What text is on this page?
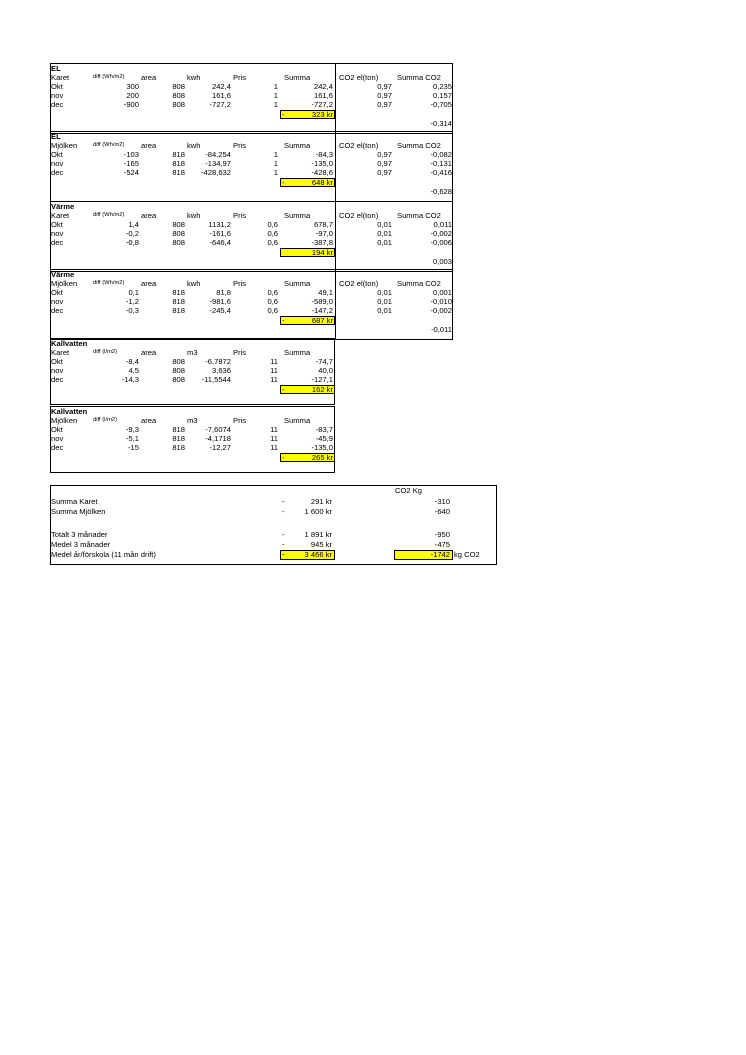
EL
Karet	diff (Wh/m2) area	kwh	Pris	Summa	CO2 el(ton) Summa CO2
Okt	300	808	242,4	1	242,4	0,97	0,235
nov	200	808	161,6	1	161,6	0,97	0,157
dec	-900	808	-727,2	1	-727,2	0,97	-0,705
-	323 kr
-0,314
EL
Mjölken	diff (Wh/m2) area	kwh	Pris	Summa	CO2 el(ton) Summa CO2
Okt	-103	818	-84,254	1	-84,3	0,97	-0,082
nov	-165	818	-134,97	1	-135,0	0,97	-0,131
dec	-524	818	-428,632	1	-428,6	0,97	-0,416
-	648 kr
-0,628
Värme
Karet	diff (Wh/m2) area	kwh	Pris	Summa	CO2 el(ton) Summa CO2
Okt	1,4	808	1131,2	0,6	678,7	0,01	0,011
nov	-0,2	808	-161,6	0,6	-97,0	0,01	-0,002
dec	-0,8	808	-646,4	0,6	-387,8	0,01	-0,006
194 kr
0,003
Värme
Mjölken	diff (Wh/m2) area	kwh	Pris	Summa	CO2 el(ton) Summa CO2
Okt	0,1	818	81,8	0,6	49,1	0,01	0,001
nov	-1,2	818	-981,6	0,6	-589,0	0,01	-0,010
dec	-0,3	818	-245,4	0,6	-147,2	0,01	-0,002
-	687 kr
-0,011
Kallvatten
Karet	diff (l/m2)	area	m3	Pris	Summa
Okt	-8,4	808	-6,7872	11	-74,7
nov	4,5	808	3,636	11	40,0
dec	-14,3	808	-11,5544	11	-127,1
-	162 kr
Kallvatten
Mjölken	diff (l/m2)	area	m3	Pris	Summa
Okt	-9,3	818	-7,6074	11	-83,7
nov	-5,1	818	-4,1718	11	-45,9
dec	-15	818	-12,27	11	-135,0
-	265 kr
CO2 Kg
Summa Karet	-	291 kr	-310
Summa Mjölken	-	1 600 kr	-640
Totalt 3 månader	-	1 891 kr	-950
Medel 3 månader	-	945 kr	-475
Medel år/förskola (11 mån drift)	-	3 466 kr	-1742 kg CO2
